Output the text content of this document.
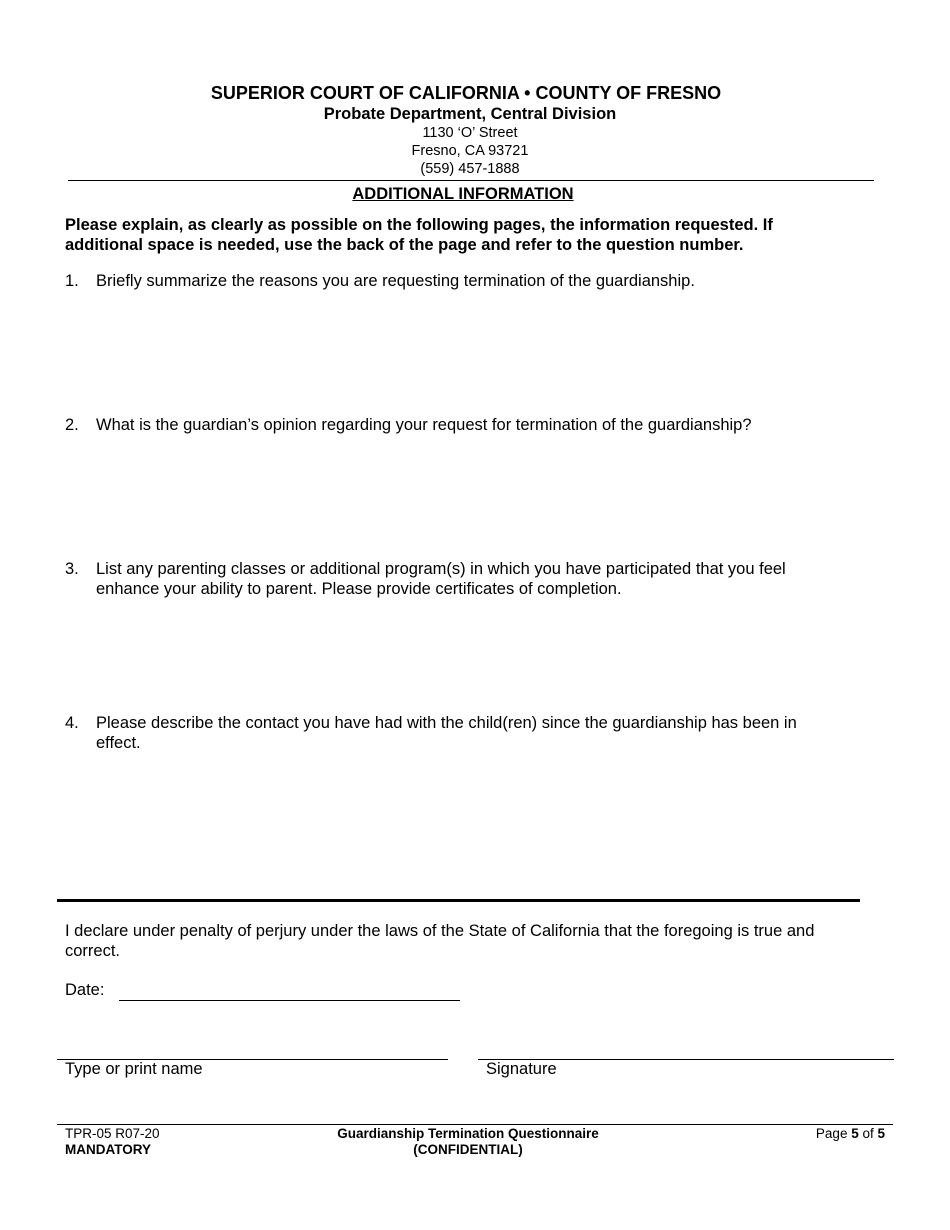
SUPERIOR COURT OF CALIFORNIA • COUNTY OF FRESNO
Probate Department, Central Division
1130 ‘O’ Street
Fresno, CA 93721
(559) 457-1888
ADDITIONAL INFORMATION
Please explain, as clearly as possible on the following pages, the information requested. If additional space is needed, use the back of the page and refer to the question number.
1. Briefly summarize the reasons you are requesting termination of the guardianship.
2. What is the guardian’s opinion regarding your request for termination of the guardianship?
3. List any parenting classes or additional program(s) in which you have participated that you feel enhance your ability to parent. Please provide certificates of completion.
4. Please describe the contact you have had with the child(ren) since the guardianship has been in effect.
I declare under penalty of perjury under the laws of the State of California that the foregoing is true and correct.
Date:
Type or print name	Signature
TPR-05 R07-20
MANDATORY
Guardianship Termination Questionnaire
(CONFIDENTIAL)
Page 5 of 5
